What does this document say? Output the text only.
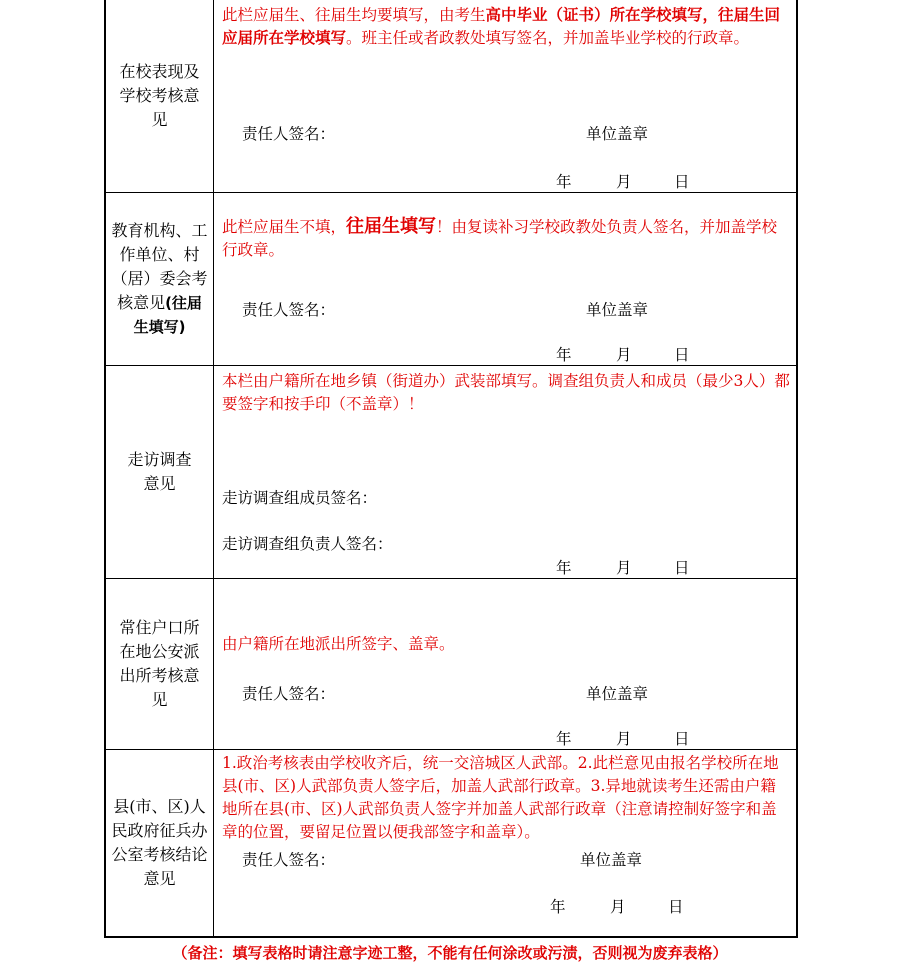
在校表现及学校考核意见
此栏应届生、往届生均要填写，由考生高中毕业（证书）所在学校填写，往届生回应届所在学校填写。班主任或者政教处填写签名，并加盖毕业学校的行政章。
责任人签名：	单位盖章
年	月	日
教育机构、工作单位、村（居）委会考核意见(往届生填写)
此栏应届生不填，往届生填写！由复读补习学校政教处负责人签名，并加盖学校行政章。
责任人签名：	单位盖章
年	月	日
走访调查意见
本栏由户籍所在地乡镇（街道办）武装部填写。调查组负责人和成员（最少3人）都要签字和按手印（不盖章）！
走访调查组成员签名：
走访调查组负责人签名：
年	月	日
常住户口所在地公安派出所考核意见
由户籍所在地派出所签字、盖章。
责任人签名：	单位盖章
年	月	日
县(市、区)人民政府征兵办公室考核结论意见
1.政治考核表由学校收齐后，统一交涪城区人武部。2.此栏意见由报名学校所在地县(市、区)人武部负责人签字后，加盖人武部行政章。3.异地就读考生还需由户籍地所在县(市、区)人武部负责人签字并加盖人武部行政章（注意请控制好签字和盖章的位置，要留足位置以便我部签字和盖章）。
责任人签名：	单位盖章
年	月	日
（备注：填写表格时请注意字迹工整，不能有任何涂改或污渍，否则视为废弃表格）
